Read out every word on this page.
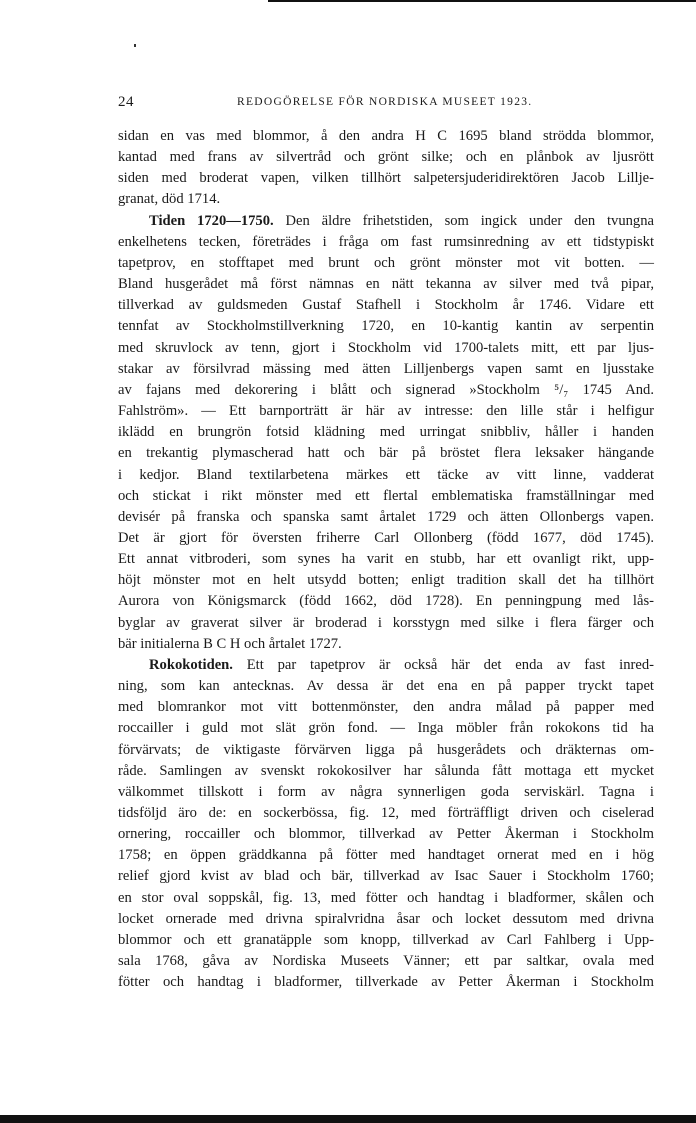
24	REDOGÖRELSE FÖR NORDISKA MUSEET 1923.
sidan en vas med blommor, å den andra H C 1695 bland strödda blommor,
kantad med frans av silvertråd och grönt silke; och en plånbok av ljusrött
siden med broderat vapen, vilken tillhört salpetersjuderidirektören Jacob Lillje-
granat, död 1714.
Tiden 1720—1750. Den äldre frihetstiden, som ingick under den tvungna
enkelhetens tecken, företrädes i fråga om fast rumsinredning av ett tidstypiskt
tapetprov, en stofftapet med brunt och grönt mönster mot vit botten. —
Bland husgerådet må först nämnas en nätt tekanna av silver med två pipar,
tillverkad av guldsmeden Gustaf Stafhell i Stockholm år 1746. Vidare ett
tennfat av Stockholmstillverkning 1720, en 10-kantig kantin av serpentin
med skruvlock av tenn, gjort i Stockholm vid 1700-talets mitt, ett par ljus-
stakar av försilvrad mässing med ätten Lilljenbergs vapen samt en ljusstake
av fajans med dekorering i blått och signerad »Stockholm ⁵/₇ 1745 And.
Fahlström». — Ett barnporträtt är här av intresse: den lille står i helfigur
iklädd en brungrön fotsid klädning med urringat snibbliv, håller i handen
en trekantig plymascherad hatt och bär på bröstet flera leksaker hängande
i kedjor. Bland textilarbetena märkes ett täcke av vitt linne, vadderat
och stickat i rikt mönster med ett flertal emblematiska framställningar med
devisér på franska och spanska samt årtalet 1729 och ätten Ollonbergs vapen.
Det är gjort för översten friherre Carl Ollonberg (född 1677, död 1745).
Ett annat vitbroderi, som synes ha varit en stubb, har ett ovanligt rikt, upp-
höjt mönster mot en helt utsydd botten; enligt tradition skall det ha tillhört
Aurora von Königsmarck (född 1662, död 1728). En penningpung med lås-
byglar av graverat silver är broderad i korsstygn med silke i flera färger och
bär initialerna B C H och årtalet 1727.
Rokokotiden. Ett par tapetprov är också här det enda av fast inred-
ning, som kan antecknas. Av dessa är det ena en på papper tryckt tapet
med blomrankor mot vitt bottenmönster, den andra målad på papper med
roccailler i guld mot slät grön fond. — Inga möbler från rokokons tid ha
förvärvats; de viktigaste förvärven ligga på husgerådets och dräkternas om-
råde. Samlingen av svenskt rokokosilver har sålunda fått mottaga ett mycket
välkommet tillskott i form av några synnerligen goda serviskärl. Tagna i
tidsföljd äro de: en sockerbössa, fig. 12, med förträffligt driven och ciselerad
ornering, roccailler och blommor, tillverkad av Petter Åkerman i Stockholm
1758; en öppen gräddkanna på fötter med handtaget ornerat med en i hög
relief gjord kvist av blad och bär, tillverkad av Isac Sauer i Stockholm 1760;
en stor oval soppskål, fig. 13, med fötter och handtag i bladformer, skålen och
locket ornerade med drivna spiralvridna åsar och locket dessutom med drivna
blommor och ett granatäpple som knopp, tillverkad av Carl Fahlberg i Upp-
sala 1768, gåva av Nordiska Museets Vänner; ett par saltkar, ovala med
fötter och handtag i bladformer, tillverkade av Petter Åkerman i Stockholm
